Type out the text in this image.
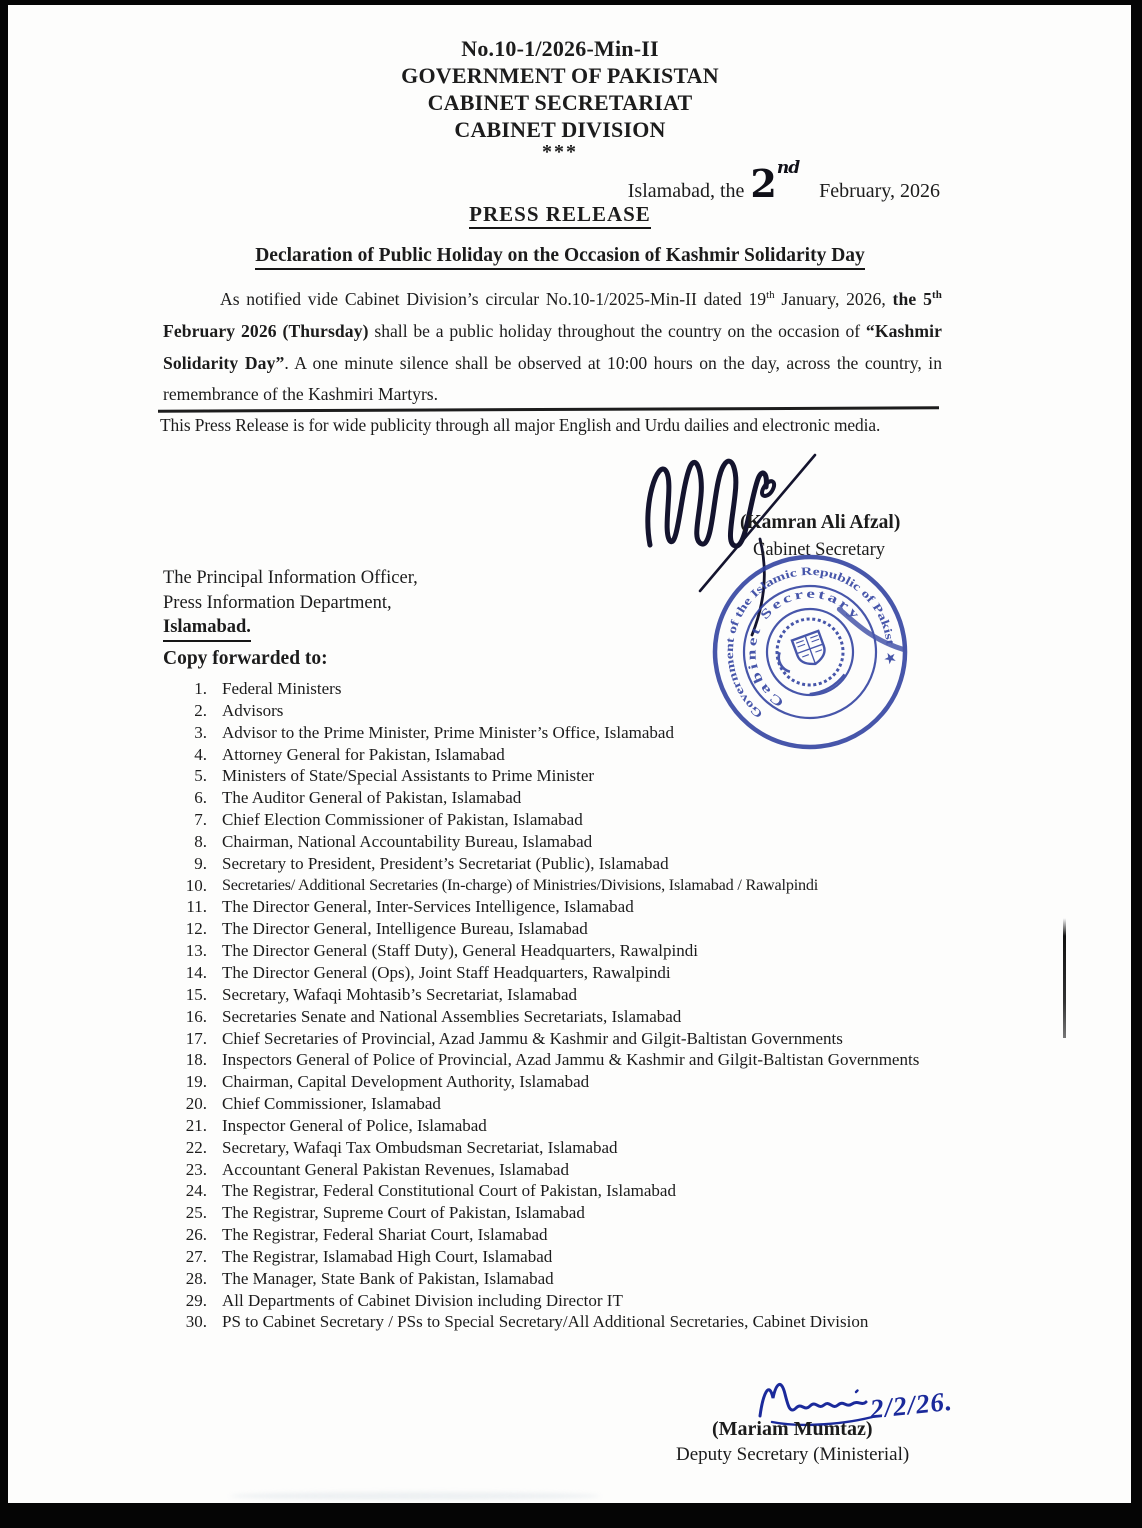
No.10-1/2026-Min-II
GOVERNMENT OF PAKISTAN
CABINET SECRETARIAT
CABINET DIVISION
***
Islamabad, the 2nd
February, 2026
PRESS RELEASE
Declaration of Public Holiday on the Occasion of Kashmir Solidarity Day
As notified vide Cabinet Division’s circular No.10-1/2025-Min-II dated 19th January, 2026, the 5th February 2026 (Thursday) shall be a public holiday throughout the country on the occasion of “Kashmir Solidarity Day”. A one minute silence shall be observed at 10:00 hours on the day, across the country, in remembrance of the Kashmiri Martyrs.
This Press Release is for wide publicity through all major English and Urdu dailies and electronic media.
(Kamran Ali Afzal)
Cabinet Secretary
Government of the Islamic Republic of Pakistan
Cabinet Secretary
★
The Principal Information Officer,
Press Information Department,
Islamabad.
Copy forwarded to:
1. Federal Ministers
2. Advisors
3. Advisor to the Prime Minister, Prime Minister’s Office, Islamabad
4. Attorney General for Pakistan, Islamabad
5. Ministers of State/Special Assistants to Prime Minister
6. The Auditor General of Pakistan, Islamabad
7. Chief Election Commissioner of Pakistan, Islamabad
8. Chairman, National Accountability Bureau, Islamabad
9. Secretary to President, President’s Secretariat (Public), Islamabad
10. Secretaries/ Additional Secretaries (In-charge) of Ministries/Divisions, Islamabad / Rawalpindi
11. The Director General, Inter-Services Intelligence, Islamabad
12. The Director General, Intelligence Bureau, Islamabad
13. The Director General (Staff Duty), General Headquarters, Rawalpindi
14. The Director General (Ops), Joint Staff Headquarters, Rawalpindi
15. Secretary, Wafaqi Mohtasib’s Secretariat, Islamabad
16. Secretaries Senate and National Assemblies Secretariats, Islamabad
17. Chief Secretaries of Provincial, Azad Jammu & Kashmir and Gilgit-Baltistan Governments
18. Inspectors General of Police of Provincial, Azad Jammu & Kashmir and Gilgit-Baltistan Governments
19. Chairman, Capital Development Authority, Islamabad
20. Chief Commissioner, Islamabad
21. Inspector General of Police, Islamabad
22. Secretary, Wafaqi Tax Ombudsman Secretariat, Islamabad
23. Accountant General Pakistan Revenues, Islamabad
24. The Registrar, Federal Constitutional Court of Pakistan, Islamabad
25. The Registrar, Supreme Court of Pakistan, Islamabad
26. The Registrar, Federal Shariat Court, Islamabad
27. The Registrar, Islamabad High Court, Islamabad
28. The Manager, State Bank of Pakistan, Islamabad
29. All Departments of Cabinet Division including Director IT
30. PS to Cabinet Secretary / PSs to Special Secretary/All Additional Secretaries, Cabinet Division
2/2/26.
(Mariam Mumtaz)
Deputy Secretary (Ministerial)
